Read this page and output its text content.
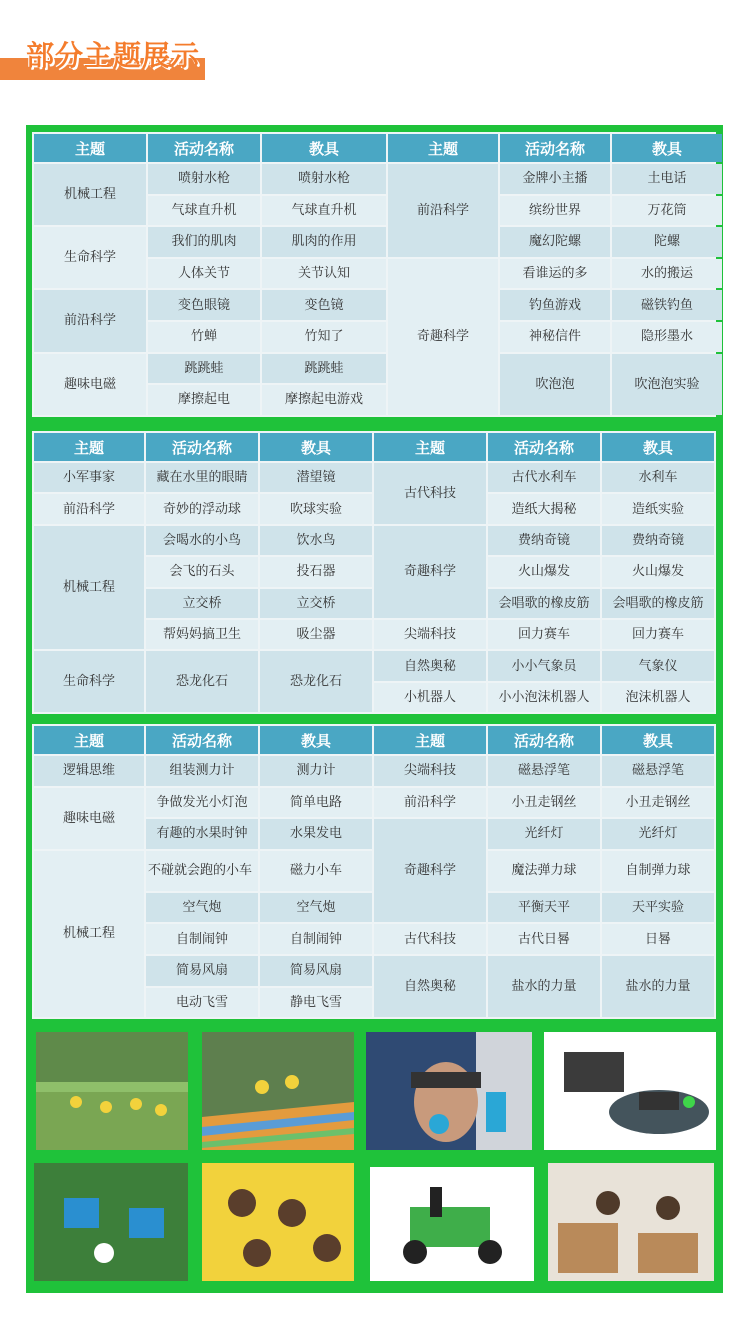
部分主题展示
主题	活动名称	教具	主题	活动名称	教具
机械工程	喷射水枪	喷射水枪	前沿科学	金牌小主播	土电话
	气球直升机	气球直升机		缤纷世界	万花筒
生命科学	我们的肌肉	肌肉的作用		魔幻陀螺	陀螺
	人体关节	关节认知	奇趣科学	看谁运的多	水的搬运
前沿科学	变色眼镜	变色镜		钓鱼游戏	磁铁钓鱼
	竹蝉	竹知了		神秘信件	隐形墨水
趣味电磁	跳跳蛙	跳跳蛙		吹泡泡	吹泡泡实验
	摩擦起电	摩擦起电游戏			
主题	活动名称	教具	主题	活动名称	教具
小军事家	藏在水里的眼睛	潜望镜	古代科技	古代水利车	水利车
前沿科学	奇妙的浮动球	吹球实验		造纸大揭秘	造纸实验
机械工程	会喝水的小鸟	饮水鸟	奇趣科学	费纳奇镜	费纳奇镜
	会飞的石头	投石器		火山爆发	火山爆发
	立交桥	立交桥		会唱歌的橡皮筋	会唱歌的橡皮筋
	帮妈妈搞卫生	吸尘器	尖端科技	回力赛车	回力赛车
生命科学	恐龙化石	恐龙化石	自然奥秘	小小气象员	气象仪
			小机器人	小小泡沫机器人	泡沫机器人
主题	活动名称	教具	主题	活动名称	教具
逻辑思维	组装测力计	测力计	尖端科技	磁悬浮笔	磁悬浮笔
趣味电磁	争做发光小灯泡	简单电路	前沿科学	小丑走钢丝	小丑走钢丝
	有趣的水果时钟	水果发电	奇趣科学	光纤灯	光纤灯
机械工程	不碰就会跑的小车	磁力小车		魔法弹力球	自制弹力球
	空气炮	空气炮		平衡天平	天平实验
	自制闹钟	自制闹钟	古代科技	古代日晷	日晷
	简易风扇	简易风扇	自然奥秘	盐水的力量	盐水的力量
	电动飞雪	静电飞雪			
